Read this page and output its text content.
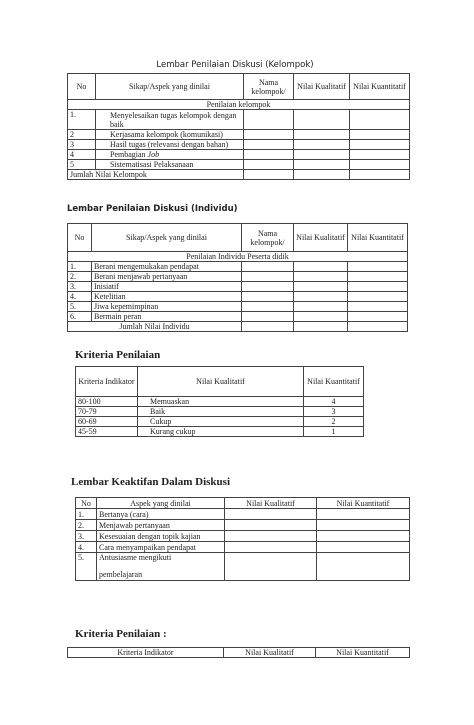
Lembar Penilaian Diskusi (Kelompok)
No	Sikap/Aspek yang dinilai	Nama kelompok/	Nilai Kualitatif	Nilai Kuantitatif
Penilaian kelompok				
1.	Menyelesaikan tugas kelompok dengan baik			
2	Kerjasama kelompok (komunikasi)			
3	Hasil tugas (relevansi dengan bahan)			
4	Pembagian Job			
5	Sistematisasi Pelaksanaan			
Jumlah Nilai Kelompok				
Lembar Penilaian Diskusi (Individu)
No	Sikap/Aspek yang dinilai	Nama kelompok/	Nilai Kualitatif	Nilai Kuantitatif
Penilaian Individu Peserta didik				
1.	Berani mengemukakan pendapat			
2.	Berani menjawab pertanyaan			
3.	Inisiatif			
4.	Ketelitian			
5.	Jiwa kepemimpinan			
6.	Bermain peran			
Jumlah Nilai Individu				
Kriteria Penilaian
Kriteria Indikator	Nilai Kualitatif	Nilai Kuantitatif
80-100	Memuaskan	4
70-79	Baik	3
60-69	Cukup	2
45-59	Kurang cukup	1
Lembar Keaktifan Dalam Diskusi
No	Aspek yang dinilai	Nilai Kualitatif	Nilai Kuantitatif
1.	Bertanya (cara)		
2.	Menjawab pertanyaan		
3.	Kesesuaian dengan topik kajian		
4.	Cara menyampaikan pendapat		
5.	Antusiasme mengikuti
pembelajaran		

Kriteria Penilaian :
Kriteria Indikator	Nilai Kualitatif	Nilai Kuantitatif
